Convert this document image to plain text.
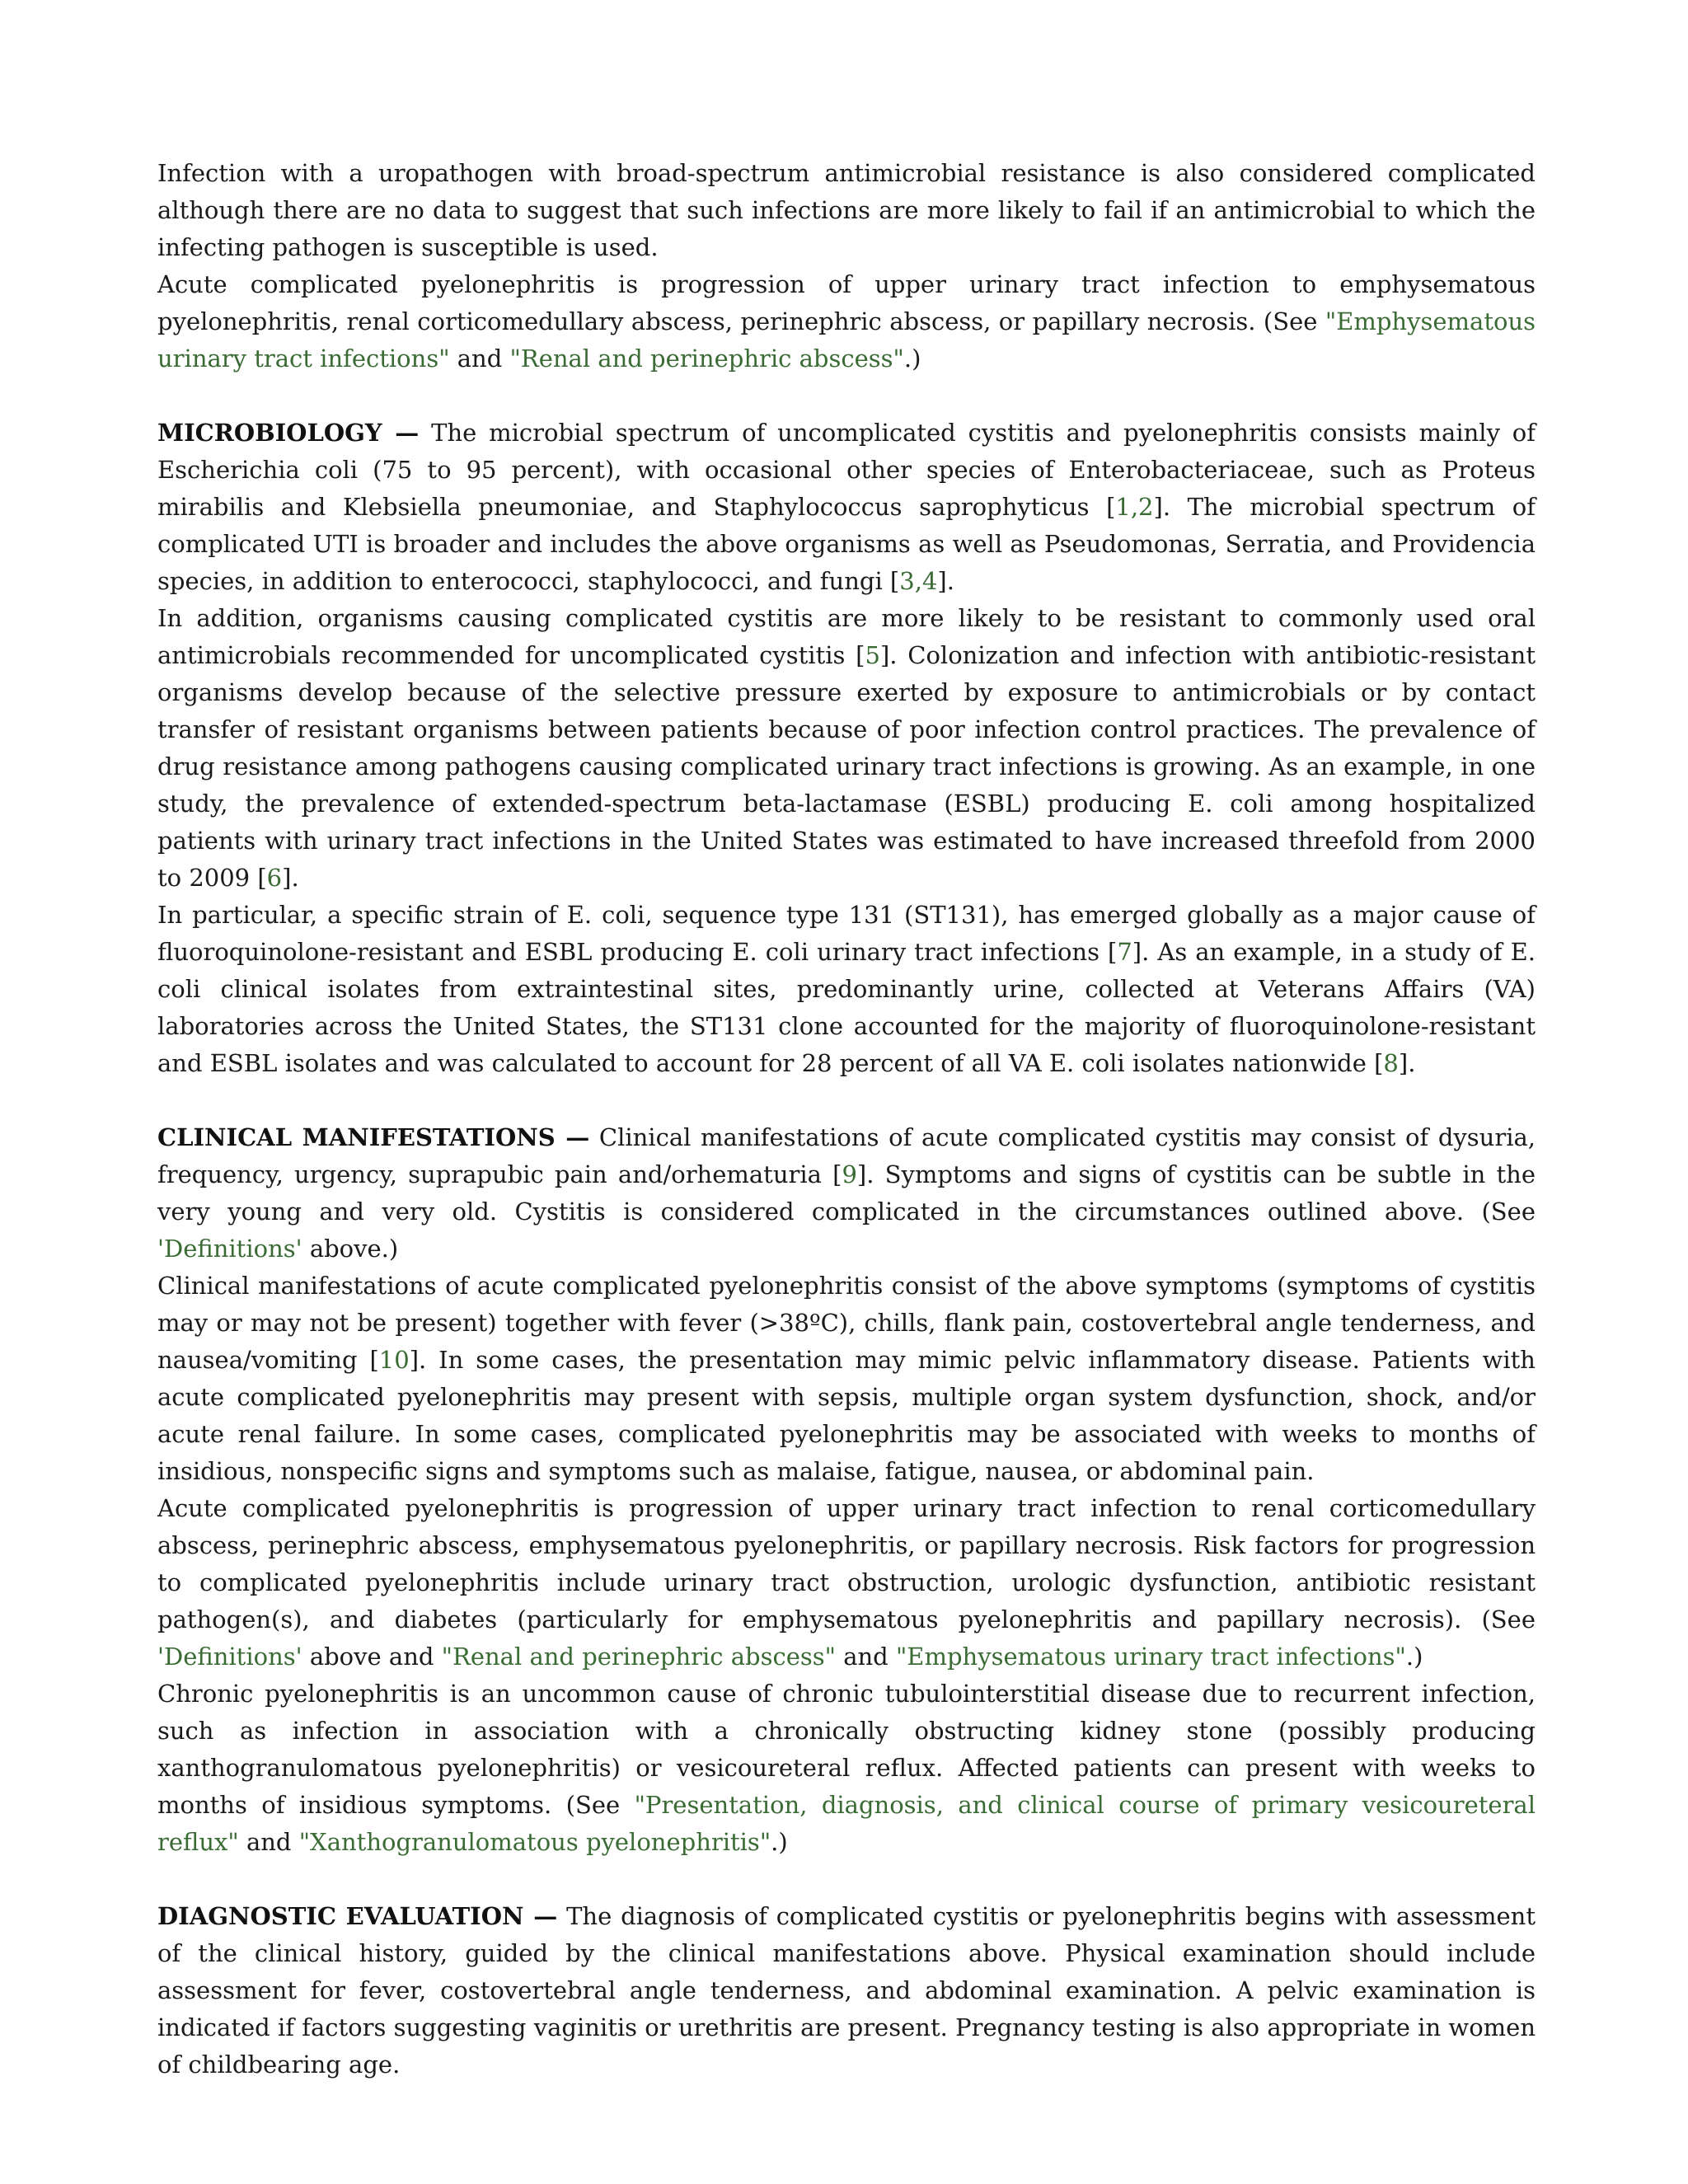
Infection with a uropathogen with broad-spectrum antimicrobial resistance is also considered complicated although there are no data to suggest that such infections are more likely to fail if an antimicrobial to which the infecting pathogen is susceptible is used.

Acute complicated pyelonephritis is progression of upper urinary tract infection to emphysematous pyelonephritis, renal corticomedullary abscess, perinephric abscess, or papillary necrosis. (See "Emphysematous urinary tract infections" and "Renal and perinephric abscess".)

MICROBIOLOGY — The microbial spectrum of uncomplicated cystitis and pyelonephritis consists mainly of Escherichia coli (75 to 95 percent), with occasional other species of Enterobacteriaceae, such as Proteus mirabilis and Klebsiella pneumoniae, and Staphylococcus saprophyticus [1,2]. The microbial spectrum of complicated UTI is broader and includes the above organisms as well as Pseudomonas, Serratia, and Providencia species, in addition to enterococci, staphylococci, and fungi [3,4].

In addition, organisms causing complicated cystitis are more likely to be resistant to commonly used oral antimicrobials recommended for uncomplicated cystitis [5]. Colonization and infection with antibiotic-resistant organisms develop because of the selective pressure exerted by exposure to antimicrobials or by contact transfer of resistant organisms between patients because of poor infection control practices. The prevalence of drug resistance among pathogens causing complicated urinary tract infections is growing. As an example, in one study, the prevalence of extended-spectrum beta-lactamase (ESBL) producing E. coli among hospitalized patients with urinary tract infections in the United States was estimated to have increased threefold from 2000 to 2009 [6].

In particular, a specific strain of E. coli, sequence type 131 (ST131), has emerged globally as a major cause of fluoroquinolone-resistant and ESBL producing E. coli urinary tract infections [7]. As an example, in a study of E. coli clinical isolates from extraintestinal sites, predominantly urine, collected at Veterans Affairs (VA) laboratories across the United States, the ST131 clone accounted for the majority of fluoroquinolone-resistant and ESBL isolates and was calculated to account for 28 percent of all VA E. coli isolates nationwide [8].

CLINICAL MANIFESTATIONS — Clinical manifestations of acute complicated cystitis may consist of dysuria, frequency, urgency, suprapubic pain and/orhematuria [9]. Symptoms and signs of cystitis can be subtle in the very young and very old. Cystitis is considered complicated in the circumstances outlined above. (See 'Definitions' above.)

Clinical manifestations of acute complicated pyelonephritis consist of the above symptoms (symptoms of cystitis may or may not be present) together with fever (>38ºC), chills, flank pain, costovertebral angle tenderness, and nausea/vomiting [10]. In some cases, the presentation may mimic pelvic inflammatory disease. Patients with acute complicated pyelonephritis may present with sepsis, multiple organ system dysfunction, shock, and/or acute renal failure. In some cases, complicated pyelonephritis may be associated with weeks to months of insidious, nonspecific signs and symptoms such as malaise, fatigue, nausea, or abdominal pain.

Acute complicated pyelonephritis is progression of upper urinary tract infection to renal corticomedullary abscess, perinephric abscess, emphysematous pyelonephritis, or papillary necrosis. Risk factors for progression to complicated pyelonephritis include urinary tract obstruction, urologic dysfunction, antibiotic resistant pathogen(s), and diabetes (particularly for emphysematous pyelonephritis and papillary necrosis). (See 'Definitions' above and "Renal and perinephric abscess" and "Emphysematous urinary tract infections".)

Chronic pyelonephritis is an uncommon cause of chronic tubulointerstitial disease due to recurrent infection, such as infection in association with a chronically obstructing kidney stone (possibly producing xanthogranulomatous pyelonephritis) or vesicoureteral reflux. Affected patients can present with weeks to months of insidious symptoms. (See "Presentation, diagnosis, and clinical course of primary vesicoureteral reflux" and "Xanthogranulomatous pyelonephritis".)

DIAGNOSTIC EVALUATION — The diagnosis of complicated cystitis or pyelonephritis begins with assessment of the clinical history, guided by the clinical manifestations above. Physical examination should include assessment for fever, costovertebral angle tenderness, and abdominal examination. A pelvic examination is indicated if factors suggesting vaginitis or urethritis are present. Pregnancy testing is also appropriate in women of childbearing age.
